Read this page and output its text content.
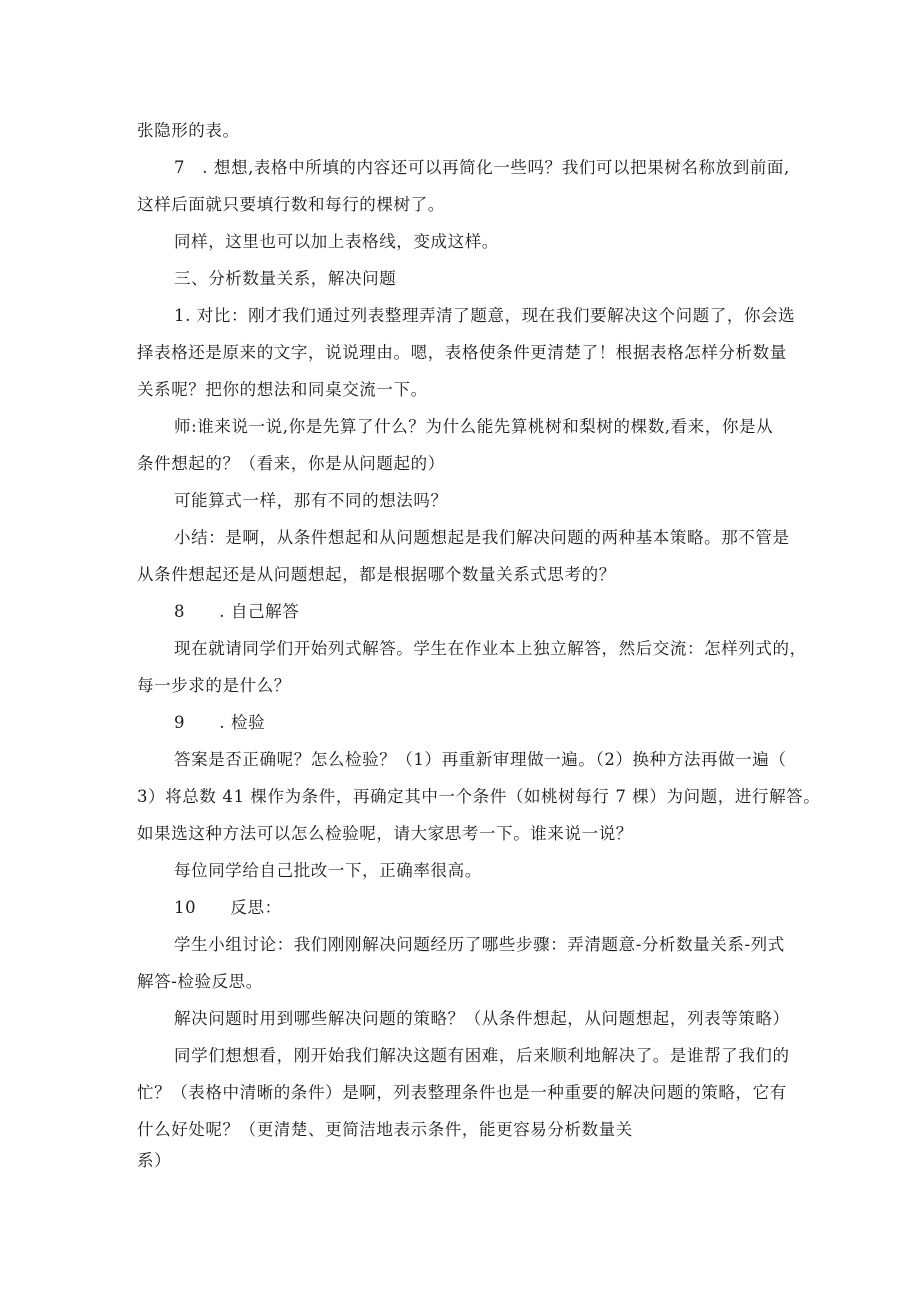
张隐形的表。
7　. 想想,表格中所填的内容还可以再简化一些吗？我们可以把果树名称放到前面,
这样后面就只要填行数和每行的棵树了。
同样，这里也可以加上表格线，变成这样。
三、分析数量关系，解决问题
1. 对比：刚才我们通过列表整理弄清了题意，现在我们要解决这个问题了，你会选
择表格还是原来的文字，说说理由。嗯，表格使条件更清楚了！根据表格怎样分析数量
关系呢？把你的想法和同桌交流一下。
师:谁来说一说,你是先算了什么？为什么能先算桃树和梨树的棵数,看来，你是从
条件想起的？（看来，你是从问题起的）
可能算式一样，那有不同的想法吗？
小结：是啊，从条件想起和从问题想起是我们解决问题的两种基本策略。那不管是
从条件想起还是从问题想起，都是根据哪个数量关系式思考的？
8　　. 自己解答
现在就请同学们开始列式解答。学生在作业本上独立解答，然后交流：怎样列式的，
每一步求的是什么？
9　　. 检验
答案是否正确呢？怎么检验？（1）再重新审理做一遍。（2）换种方法再做一遍（
3）将总数 41 棵作为条件，再确定其中一个条件（如桃树每行 7 棵）为问题，进行解答。
如果选这种方法可以怎么检验呢，请大家思考一下。谁来说一说？
每位同学给自己批改一下，正确率很高。
10　　反思：
学生小组讨论：我们刚刚解决问题经历了哪些步骤：弄清题意-分析数量关系-列式
解答-检验反思。
解决问题时用到哪些解决问题的策略？（从条件想起，从问题想起，列表等策略）
同学们想想看，刚开始我们解决这题有困难，后来顺利地解决了。是谁帮了我们的
忙？（表格中清晰的条件）是啊，列表整理条件也是一种重要的解决问题的策略，它有
什么好处呢？（更清楚、更简洁地表示条件，能更容易分析数量关
系）
